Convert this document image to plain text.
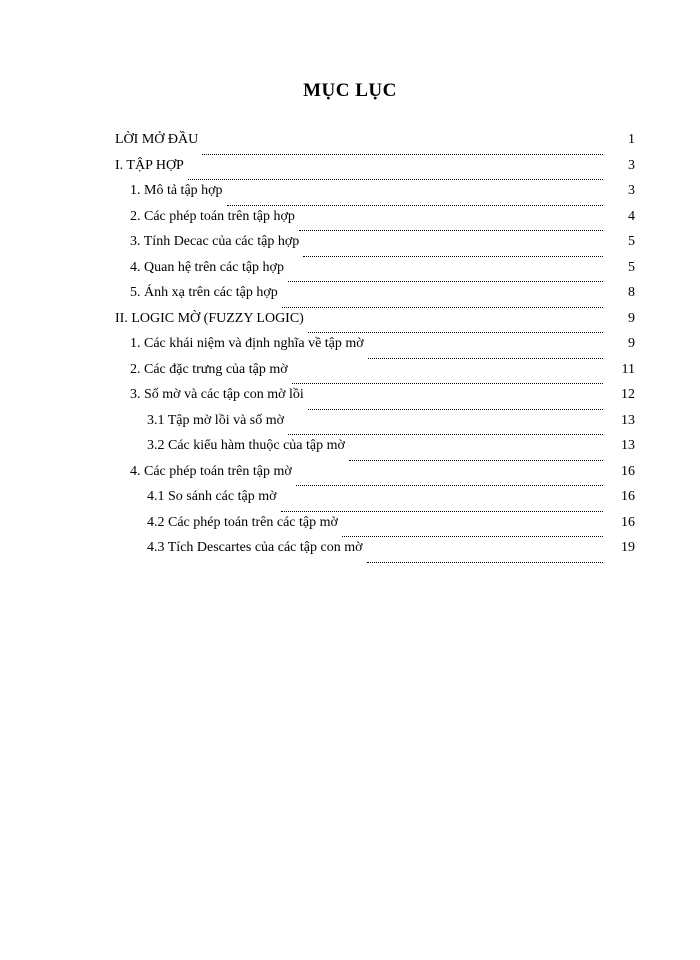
MỤC LỤC
LỜI MỞ ĐẦU	1
I. TẬP HỢP	3
1. Mô tả tập hợp	3
2. Các phép toán trên tập hợp	4
3. Tính Decac của các tập hợp	5
4. Quan hệ trên các tập hợp	5
5. Ánh xạ trên các tập hợp	8
II. LOGIC MỜ (FUZZY LOGIC)	9
1. Các khái niệm và định nghĩa về tập mờ	9
2. Các đặc trưng của tập mờ	11
3. Số mờ và các tập con mờ lồi	12
3.1 Tập mờ lồi và số mờ	13
3.2 Các kiểu hàm thuộc của tập mờ	13
4. Các phép toán trên tập mờ	16
4.1 So sánh các tập mờ	16
4.2 Các phép toán trên các tập mờ	16
4.3 Tích Descartes của các tập con mờ	19
